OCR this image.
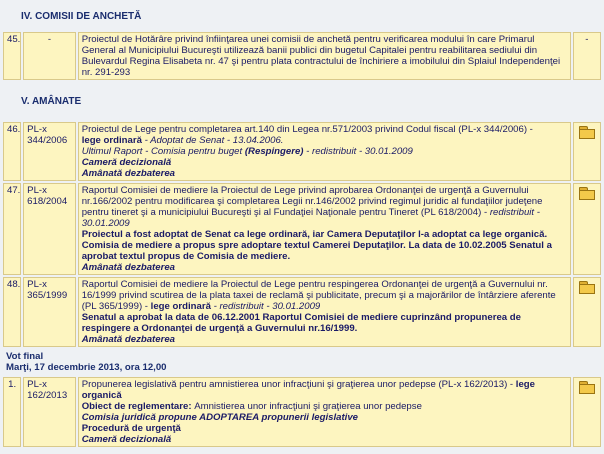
IV. COMISII DE ANCHETĂ			
45.	-	Proiectul de Hotărâre privind înfiinţarea unei comisii de anchetă pentru verificarea modului în care Primarul General al Municipiului Bucureşti utilizează banii publici din bugetul Capitalei pentru reabilitarea sediului din Bulevardul Regina Elisabeta nr. 47 şi pentru plata contractului de închiriere a imobilului din Splaiul Independenţei nr. 291-293	-
V. AMÂNATE			
46.	PL-x 344/2006	Proiectul de Lege pentru completarea art.140 din Legea nr.571/2003 privind Codul fiscal (PL-x 344/2006) -
lege ordinară - Adoptat de Senat - 13.04.2006.
Ultimul Raport - Comisia pentru buget (Respingere) - redistribuit - 30.01.2009
Cameră decizională
Amânată dezbaterea	

47.	PL-x 618/2004	Raportul Comisiei de mediere la Proiectul de Lege privind aprobarea Ordonanţei de urgenţă a Guvernului nr.166/2002 pentru modificarea şi completarea Legii nr.146/2002 privind regimul juridic al fundaţiilor judeţene pentru tineret şi a municipiului Bucureşti şi al Fundaţiei Naţionale pentru Tineret (PL 618/2004) - redistribuit - 30.01.2009
Proiectul a fost adoptat de Senat ca lege ordinară, iar Camera Deputaţilor l-a adoptat ca lege organică. Comisia de mediere a propus spre adoptare textul Camerei Deputaţilor. La data de 10.02.2005 Senatul a aprobat textul propus de Comisia de mediere.
Amânată dezbaterea	

48.	PL-x 365/1999	Raportul Comisiei de mediere la Proiectul de Lege pentru respingerea Ordonanţei de urgenţă a Guvernului nr. 16/1999 privind scutirea de la plata taxei de reclamă şi publicitate, precum şi a majorărilor de întârziere aferente (PL 365/1999) - lege ordinară - redistribuit - 30.01.2009
Senatul a aprobat la data de 06.12.2001 Raportul Comisiei de mediere cuprinzând propunerea de respingere a Ordonanţei de urgenţă a Guvernului nr.16/1999.
Amânată dezbaterea	

Vot final
Marţi, 17 decembrie 2013, ora 12,00			
1.	PL-x 162/2013	Propunerea legislativă pentru amnistierea unor infracţiuni şi graţierea unor pedepse (PL-x 162/2013) - lege organică
Obiect de reglementare: Amnistierea unor infracţiuni şi graţierea unor pedepse
Comisia juridică propune ADOPTAREA propunerii legislative
Procedură de urgenţă
Cameră decizională	
